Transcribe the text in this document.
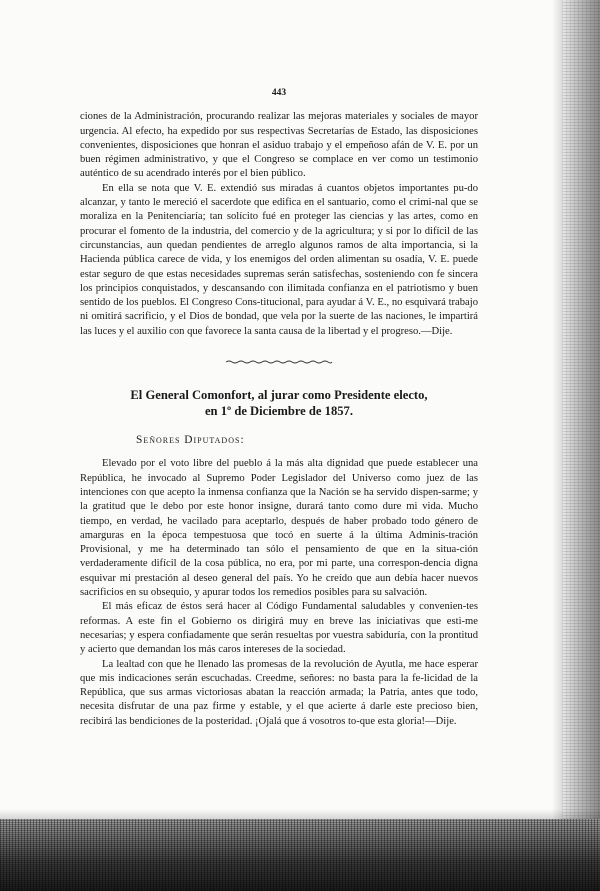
443

ciones de la Administración, procurando realizar las mejoras materiales y sociales de mayor urgencia. Al efecto, ha expedido por sus respectivas Secretarías de Estado, las disposiciones convenientes, disposiciones que honran el asiduo trabajo y el empeñoso afán de V. E. por un buen régimen administrativo, y que el Congreso se complace en ver como un testimonio auténtico de su acendrado interés por el bien público.

En ella se nota que V. E. extendió sus miradas á cuantos objetos importantes pu-do alcanzar, y tanto le mereció el sacerdote que edifica en el santuario, como el crimi-nal que se moraliza en la Penitenciaría; tan solícito fué en proteger las ciencias y las artes, como en procurar el fomento de la industria, del comercio y de la agricultura; y si por lo difícil de las circunstancias, aun quedan pendientes de arreglo algunos ramos de alta importancia, si la Hacienda pública carece de vida, y los enemigos del orden alimentan su osadía, V. E. puede estar seguro de que estas necesidades supremas serán satisfechas, sosteniendo con fe sincera los principios conquistados, y descansando con ilimitada confianza en el patriotismo y buen sentido de los pueblos. El Congreso Cons-titucional, para ayudar á V. E., no esquivará trabajo ni omitirá sacrificio, y el Dios de bondad, que vela por la suerte de las naciones, le impartirá las luces y el auxilio con que favorece la santa causa de la libertad y el progreso.—Dije.

El General Comonfort, al jurar como Presidente electo,
en 1º de Diciembre de 1857.
Señores Diputados:

Elevado por el voto libre del pueblo á la más alta dignidad que puede establecer una República, he invocado al Supremo Poder Legislador del Universo como juez de las intenciones con que acepto la inmensa confianza que la Nación se ha servido dispen-sarme; y la gratitud que le debo por este honor insigne, durará tanto como dure mi vida. Mucho tiempo, en verdad, he vacilado para aceptarlo, después de haber probado todo género de amarguras en la época tempestuosa que tocó en suerte á la última Adminis-tración Provisional, y me ha determinado tan sólo el pensamiento de que en la situa-ción verdaderamente difícil de la cosa pública, no era, por mi parte, una correspon-dencia digna esquivar mi prestación al deseo general del país. Yo he creído que aun debía hacer nuevos sacrificios en su obsequio, y apurar todos los remedios posibles para su salvación.

El más eficaz de éstos será hacer al Código Fundamental saludables y convenien-tes reformas. A este fin el Gobierno os dirigirá muy en breve las iniciativas que esti-me necesarias; y espera confiadamente que serán resueltas por vuestra sabiduría, con la prontitud y acierto que demandan los más caros intereses de la sociedad.

La lealtad con que he llenado las promesas de la revolución de Ayutla, me hace esperar que mis indicaciones serán escuchadas. Creedme, señores: no basta para la fe-licidad de la República, que sus armas victoriosas abatan la reacción armada; la Patria, antes que todo, necesita disfrutar de una paz firme y estable, y el que acierte á darle este precioso bien, recibirá las bendiciones de la posteridad. ¡Ojalá que á vosotros to-que esta gloria!—Dije.
